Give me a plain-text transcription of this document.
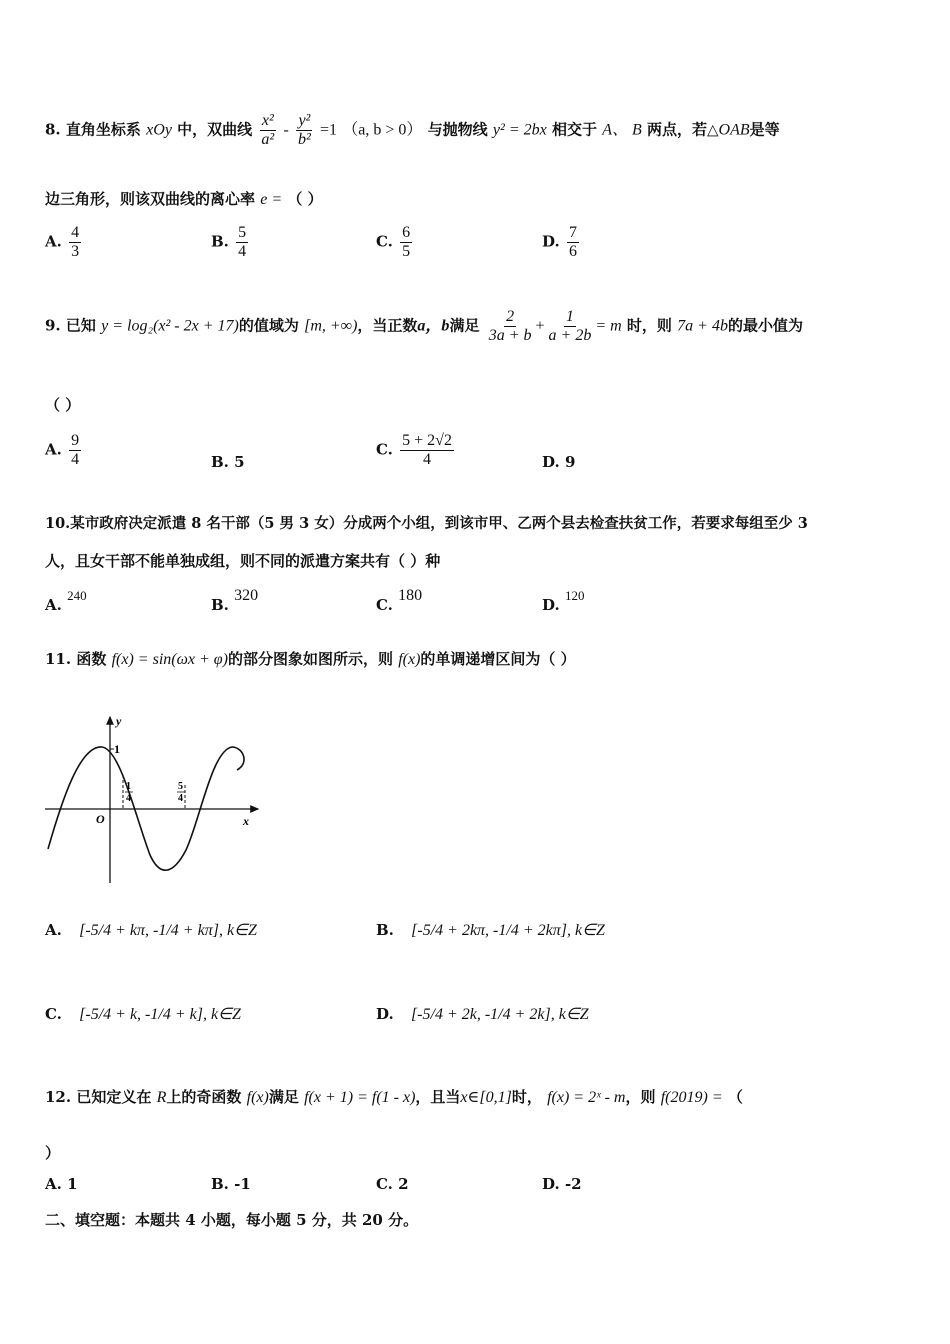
8. 直角坐标系 xOy 中，双曲线 $\frac{\text{x²}}{\text{a²}} - \frac{\text{y²}}{\text{b²}} =1$ （a, b > 0） 与抛物线 y² = 2bx 相交于 A、 B 两点，若△OAB是等
边三角形，则该双曲线的离心率 e = （ ）
A. $\frac{4}{3}$	B. $\frac{5}{4}$	C. $\frac{6}{5}$	D. $\frac{7}{6}$
9. 已知 y = log₂(x² - 2x + 17)的值域为 [m, +∞)，当正数a，b满足 $\frac{2}{3a + b} + \frac{1}{a + 2b} = m$ 时，则 7a + 4b的最小值为
（ ）
A. $\frac{9}{4}$	B. 5
C. $\frac{5 + 2√2}{4}$	D. 9
10.某市政府决定派遣 8 名干部（5 男 3 女）分成两个小组，到该市甲、乙两个县去检查扶贫工作，若要求每组至少 3
人，且女干部不能单独成组，则不同的派遣方案共有（ ）种
A. 240
B. 320
C. 180
D. 120
11. 函数 f(x) = sin(ωx + φ)的部分图象如图所示，则 f(x)的单调递增区间为（ ）
y
x
O
1
1
4
5
4
A. [-5/4 + kπ, -1/4 + kπ], k∈Z	B. [-5/4 + 2kπ, -1/4 + 2kπ], k∈Z
C. [-5/4 + k, -1/4 + k], k∈Z	D. [-5/4 + 2k, -1/4 + 2k], k∈Z
12. 已知定义在 R上的奇函数 f(x)满足 f(x + 1) = f(1 - x)，且当x∈[0,1]时， f(x) = 2ˣ - m，则 f(2019) = （
）
A. 1	B. -1	C. 2	D. -2
二、填空题：本题共 4 小题，每小题 5 分，共 20 分。
